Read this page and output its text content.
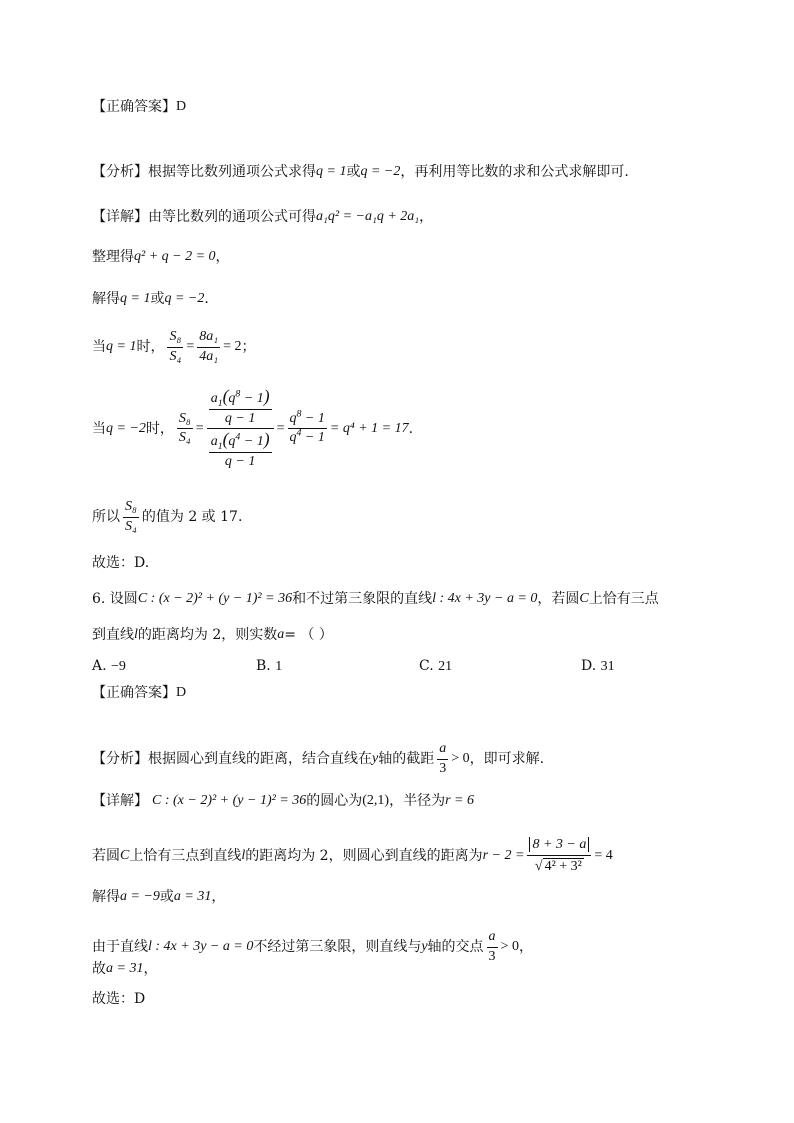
【正确答案】 D
【分析】 根据等比数列通项公式求得 q = 1 或 q = −2 ，再利用等比数的求和公式求解即可.
【详解】 由等比数列的通项公式可得 a₁q² = −a₁q + 2a₁ ，
整理得 q² + q − 2 = 0 ，
解得 q = 1 或 q = −2 .
当 q = 1 时， $\frac{\text{S₈}}{\text{S₄}} = \frac{\text{8a₁}}{\text{4a₁}} = 2$ ；
当 q = −2 时， $\frac{\text{S₈}}{\text{S₄}} = \frac{\frac{a_1(q^8 - 1)}{q - 1}}{\frac{a_1(q^4 - 1)}{q - 1}} = \frac{q^8 - 1}{q^4 - 1} = q^4 + 1 = 17$ .
所以 $\frac{\text{S₈}}{\text{S₄}}$ 的值为 2 或 17.
故选：D.
6. 设圆 C : (x − 2)² + (y − 1)² = 36 和不过第三象限的直线 l : 4x + 3y − a = 0 ，若圆 C 上恰有三点
到直线 l 的距离均为 2，则实数 a = （ ）
A. −9	B. 1	C. 21	D. 31
【正确答案】 D
【分析】 根据圆心到直线的距离，结合直线在 y 轴的截距 $\frac{a}{3} > 0$ ，即可求解.
【详解】 C : (x − 2)² + (y − 1)² = 36 的圆心为 (2,1) ，半径为 r = 6
若圆 C 上恰有三点到直线 l 的距离均为 2，则圆心到直线的距离为 $r - 2 = \frac{8 + 3 - a}{\text{√ 4² + 3²}} = 4$
解得 a = −9 或 a = 31 ，
由于直线 l : 4x + 3y − a = 0 不经过第三象限，则直线与 y 轴的交点 $\frac{a}{3} > 0$ ，
故 a = 31 ，
故选：D
